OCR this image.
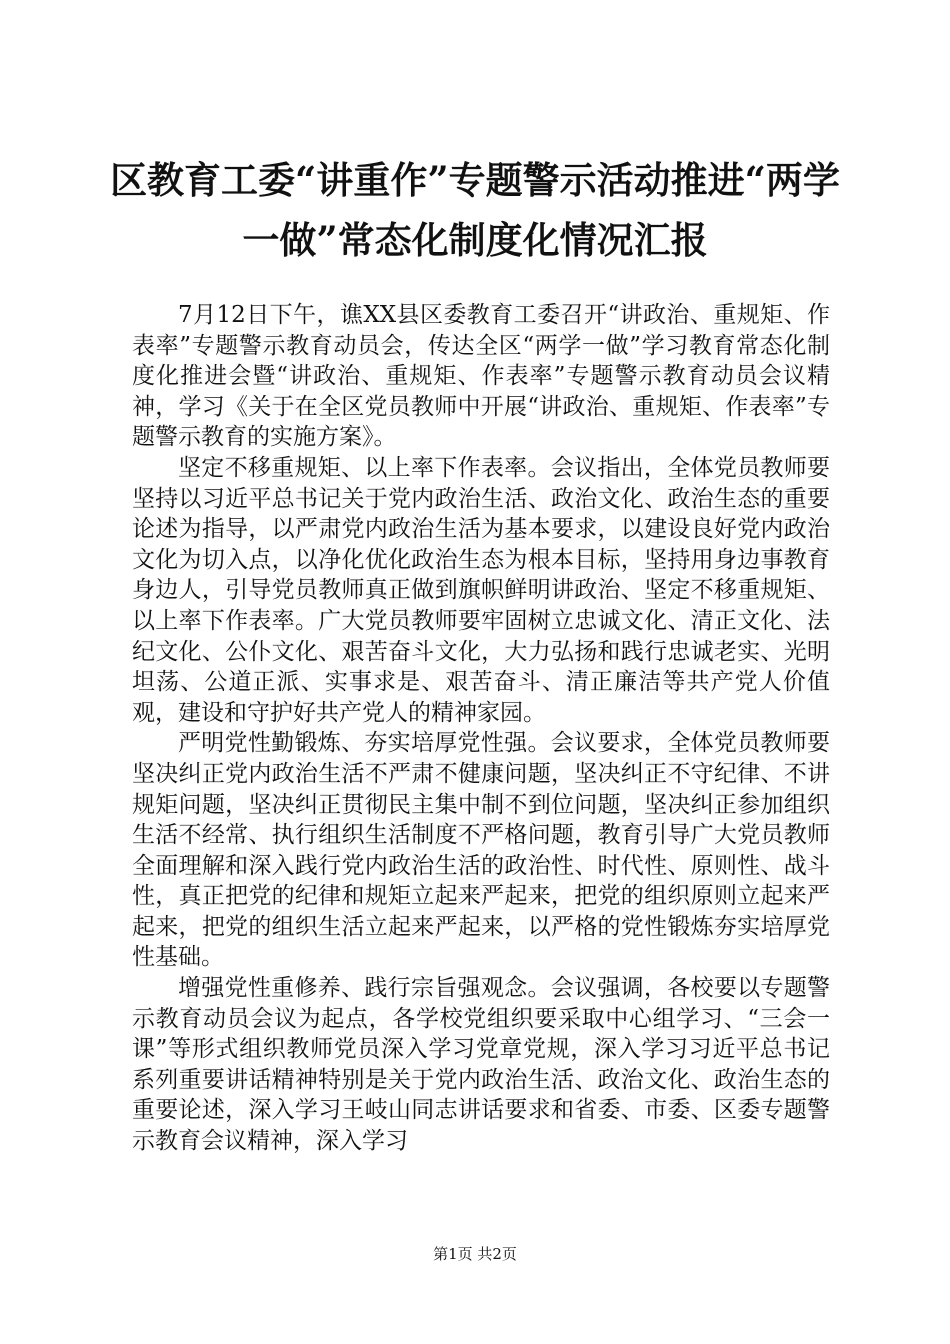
区教育工委“讲重作”专题警示活动推进“两学一做”常态化制度化情况汇报

7月12日下午，谯XX县区委教育工委召开“讲政治、重规矩、作表率”专题警示教育动员会，传达全区“两学一做”学习教育常态化制度化推进会暨“讲政治、重规矩、作表率”专题警示教育动员会议精神，学习《关于在全区党员教师中开展“讲政治、重规矩、作表率”专题警示教育的实施方案》。

坚定不移重规矩、以上率下作表率。会议指出，全体党员教师要坚持以习近平总书记关于党内政治生活、政治文化、政治生态的重要论述为指导，以严肃党内政治生活为基本要求，以建设良好党内政治文化为切入点，以净化优化政治生态为根本目标，坚持用身边事教育身边人，引导党员教师真正做到旗帜鲜明讲政治、坚定不移重规矩、以上率下作表率。广大党员教师要牢固树立忠诚文化、清正文化、法纪文化、公仆文化、艰苦奋斗文化，大力弘扬和践行忠诚老实、光明坦荡、公道正派、实事求是、艰苦奋斗、清正廉洁等共产党人价值观，建设和守护好共产党人的精神家园。

严明党性勤锻炼、夯实培厚党性强。会议要求，全体党员教师要坚决纠正党内政治生活不严肃不健康问题，坚决纠正不守纪律、不讲规矩问题，坚决纠正贯彻民主集中制不到位问题，坚决纠正参加组织生活不经常、执行组织生活制度不严格问题，教育引导广大党员教师全面理解和深入践行党内政治生活的政治性、时代性、原则性、战斗性，真正把党的纪律和规矩立起来严起来，把党的组织原则立起来严起来，把党的组织生活立起来严起来，以严格的党性锻炼夯实培厚党性基础。

增强党性重修养、践行宗旨强观念。会议强调，各校要以专题警示教育动员会议为起点，各学校党组织要采取中心组学习、“三会一课”等形式组织教师党员深入学习党章党规，深入学习习近平总书记系列重要讲话精神特别是关于党内政治生活、政治文化、政治生态的重要论述，深入学习王岐山同志讲话要求和省委、市委、区委专题警示教育会议精神，深入学习

第1页 共2页
